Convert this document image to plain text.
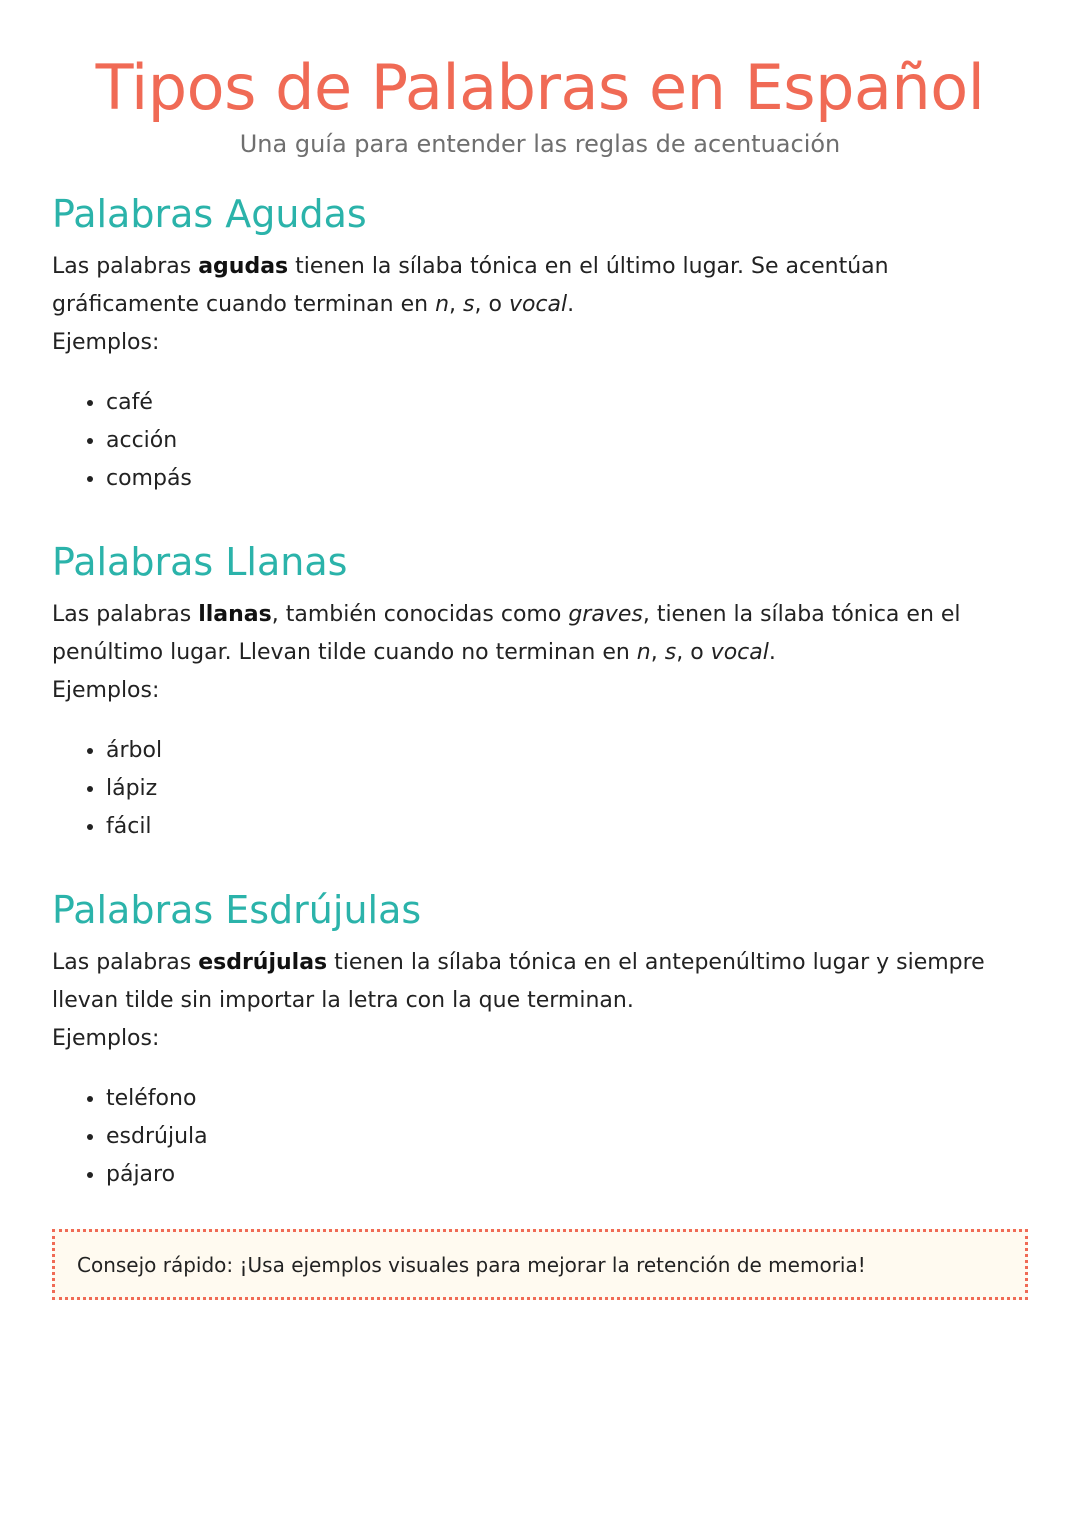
Tipos de Palabras en Español

Una guía para entender las reglas de acentuación

Palabras Agudas

Las palabras agudas tienen la sílaba tónica en el último lugar. Se acentúan gráficamente cuando terminan en n, s, o vocal.
Ejemplos:

• café
• acción
• compás
Palabras Llanas

Las palabras llanas, también conocidas como graves, tienen la sílaba tónica en el penúltimo lugar. Llevan tilde cuando no terminan en n, s, o vocal.
Ejemplos:

• árbol
• lápiz
• fácil
Palabras Esdrújulas

Las palabras esdrújulas tienen la sílaba tónica en el antepenúltimo lugar y siempre llevan tilde sin importar la letra con la que terminan.
Ejemplos:

• teléfono
• esdrújula
• pájaro
Consejo rápido: ¡Usa ejemplos visuales para mejorar la retención de memoria!
